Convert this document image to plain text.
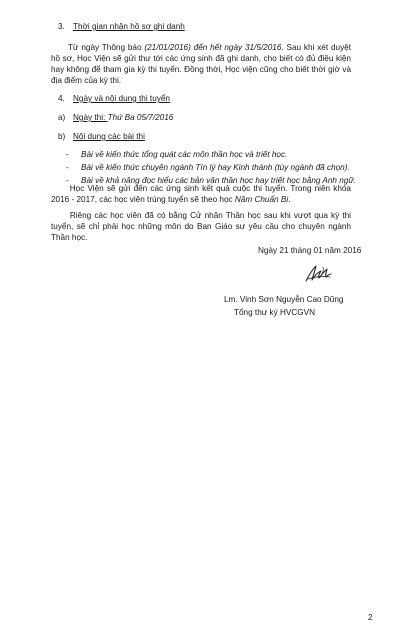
3. Thời gian nhận hồ sơ ghi danh
Từ ngày Thông báo (21/01/2016) đến hết ngày 31/5/2016. Sau khi xét duyệt hồ sơ, Học Viện sẽ gửi thư tới các ứng sinh đã ghi danh, cho biết có đủ điều kiện hay không để tham gia kỳ thi tuyển. Đồng thời, Học viện cũng cho biết thời giờ và địa điểm của kỳ thi.
4. Ngày và nội dung thi tuyển
a) Ngày thi: Thứ Ba 05/7/2016
b) Nội dung các bài thi
- Bài về kiến thức tổng quát các môn thần học và triết học.
- Bài về kiến thức chuyên ngành Tín lý hay Kinh thánh (tùy ngành đã chọn).
- Bài về khả năng đọc hiểu các bản văn thần học hay triết học bằng Anh ngữ.
Học Viện sẽ gửi đến các ứng sinh kết quả cuộc thi tuyển. Trong niên khóa 2016 - 2017, các học viên trúng tuyển sẽ theo học Năm Chuẩn Bị.
Riêng các học viên đã có bằng Cử nhân Thần học sau khi vượt qua kỳ thi tuyển, sẽ chỉ phải học những môn do Ban Giáo sư yêu cầu cho chuyên ngành Thần học.
Ngày 21 tháng 01 năm 2016
Lm. Vinh Sơn Nguyễn Cao Dũng
Tổng thư ký HVCGVN
2
